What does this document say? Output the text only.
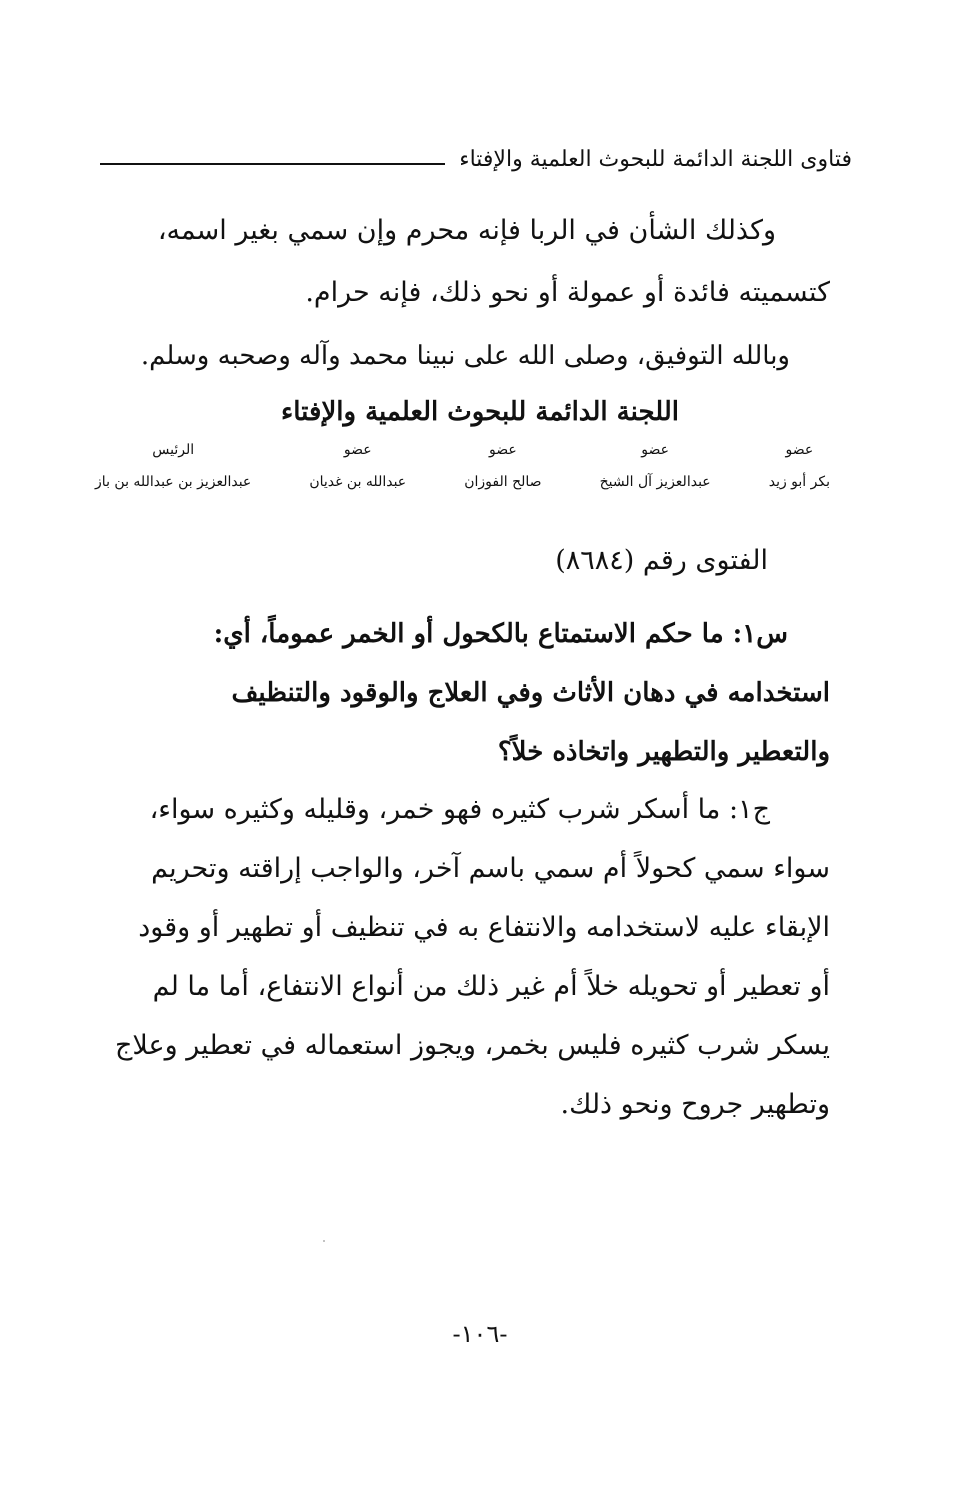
فتاوى اللجنة الدائمة للبحوث العلمية والإفتاء
وكذلك الشأن في الربا فإنه محرم وإن سمي بغير اسمه،
كتسميته فائدة أو عمولة أو نحو ذلك، فإنه حرام.
وبالله التوفيق، وصلى الله على نبينا محمد وآله وصحبه وسلم.
اللجنة الدائمة للبحوث العلمية والإفتاء
عضو
بكر أبو زيد
عضو
عبدالعزيز آل الشيخ
عضو
صالح الفوزان
عضو
عبدالله بن غديان
الرئيس
عبدالعزيز بن عبدالله بن باز
الفتوى رقم (٨٦٨٤)
س١: ما حكم الاستمتاع بالكحول أو الخمر عموماً، أي:
استخدامه في دهان الأثاث وفي العلاج والوقود والتنظيف
والتعطير والتطهير واتخاذه خلاً؟
ج١: ما أسكر شرب كثيره فهو خمر، وقليله وكثيره سواء،
سواء سمي كحولاً أم سمي باسم آخر، والواجب إراقته وتحريم
الإبقاء عليه لاستخدامه والانتفاع به في تنظيف أو تطهير أو وقود
أو تعطير أو تحويله خلاً أم غير ذلك من أنواع الانتفاع، أما ما لم
يسكر شرب كثيره فليس بخمر، ويجوز استعماله في تعطير وعلاج
وتطهير جروح ونحو ذلك.
-١٠٦-
